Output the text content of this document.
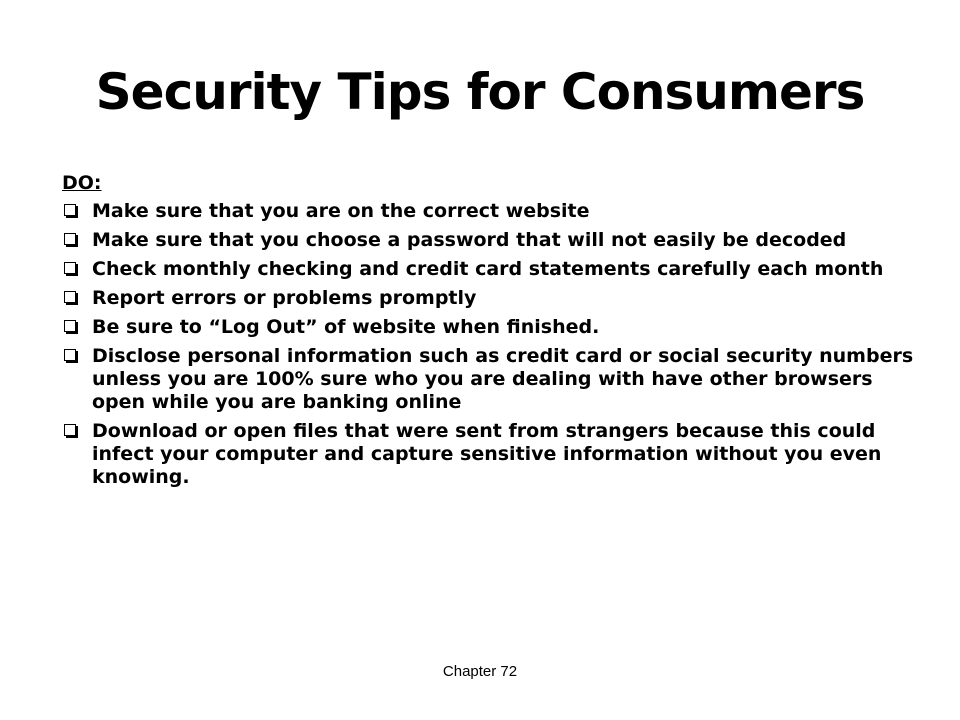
Security Tips for Consumers
DO:
Make sure that you are on the correct website
Make sure that you choose a password that will not easily be decoded
Check monthly checking and credit card statements carefully each month
Report errors or problems promptly
Be sure to “Log Out” of website when finished.
Disclose personal information such as credit card or social security numbers unless you are 100% sure who you are dealing with have other browsers open while you are banking online
Download or open files that were sent from strangers because this could infect your computer and capture sensitive information without you even knowing.
Chapter 72
